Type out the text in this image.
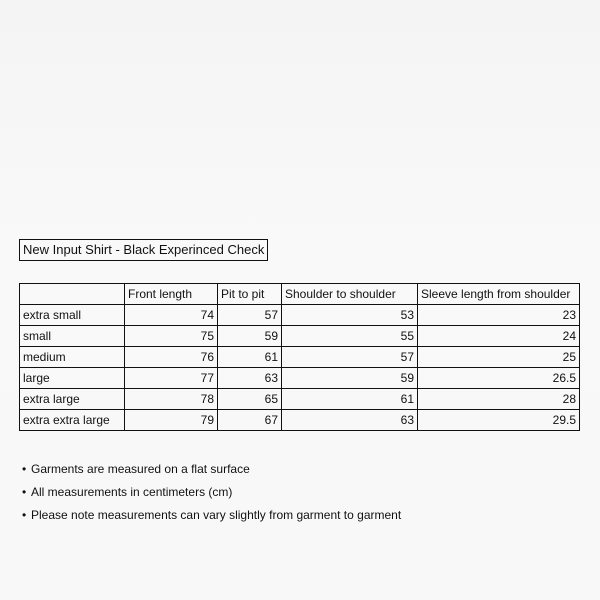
New Input Shirt - Black Experinced Check
	Front length	Pit to pit	Shoulder to shoulder	Sleeve length from shoulder
extra small	74	57	53	23
small	75	59	55	24
medium	76	61	57	25
large	77	63	59	26.5
extra large	78	65	61	28
extra extra large	79	67	63	29.5
• Garments are measured on a flat surface
• All measurements in centimeters (cm)
• Please note measurements can vary slightly from garment to garment
